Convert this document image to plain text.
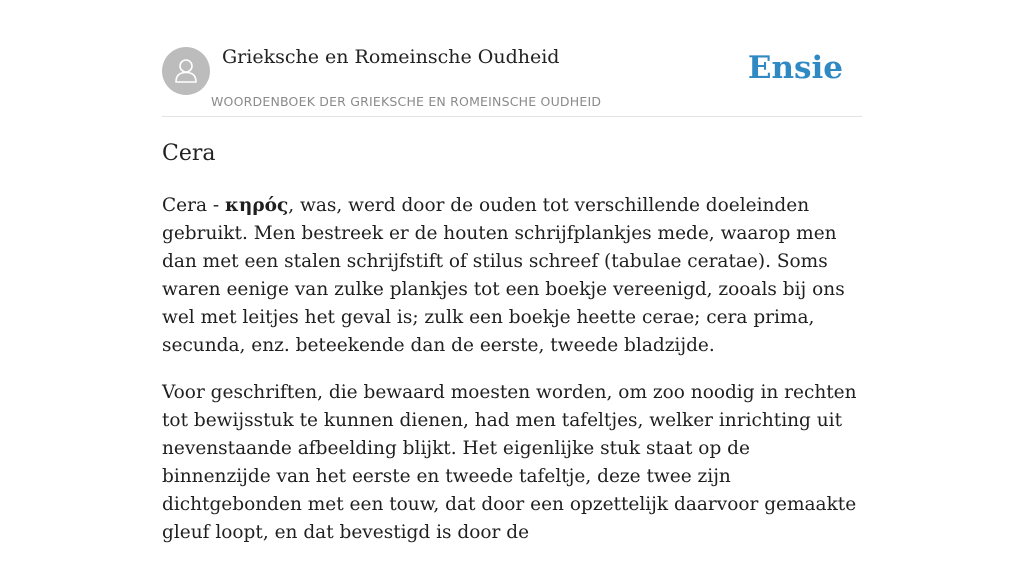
Grieksche en Romeinsche Oudheid
WOORDENBOEK DER GRIEKSCHE EN ROMEINSCHE OUDHEID
Ensie
Cera

Cera - κηρός, was, werd door de ouden tot verschillende doeleinden gebruikt. Men bestreek er de houten schrijfplankjes mede, waarop men dan met een stalen schrijfstift of stilus schreef (tabulae ceratae). Soms waren eenige van zulke plankjes tot een boekje vereenigd, zooals bij ons wel met leitjes het geval is; zulk een boekje heette cerae; cera prima, secunda, enz. beteekende dan de eerste, tweede bladzijde.

Voor geschriften, die bewaard moesten worden, om zoo noodig in rechten tot bewijsstuk te kunnen dienen, had men tafeltjes, welker inrichting uit nevenstaande afbeelding blijkt. Het eigenlijke stuk staat op de binnenzijde van het eerste en tweede tafeltje, deze twee zijn dichtgebonden met een touw, dat door een opzettelijk daarvoor gemaakte gleuf loopt, en dat bevestigd is door de
